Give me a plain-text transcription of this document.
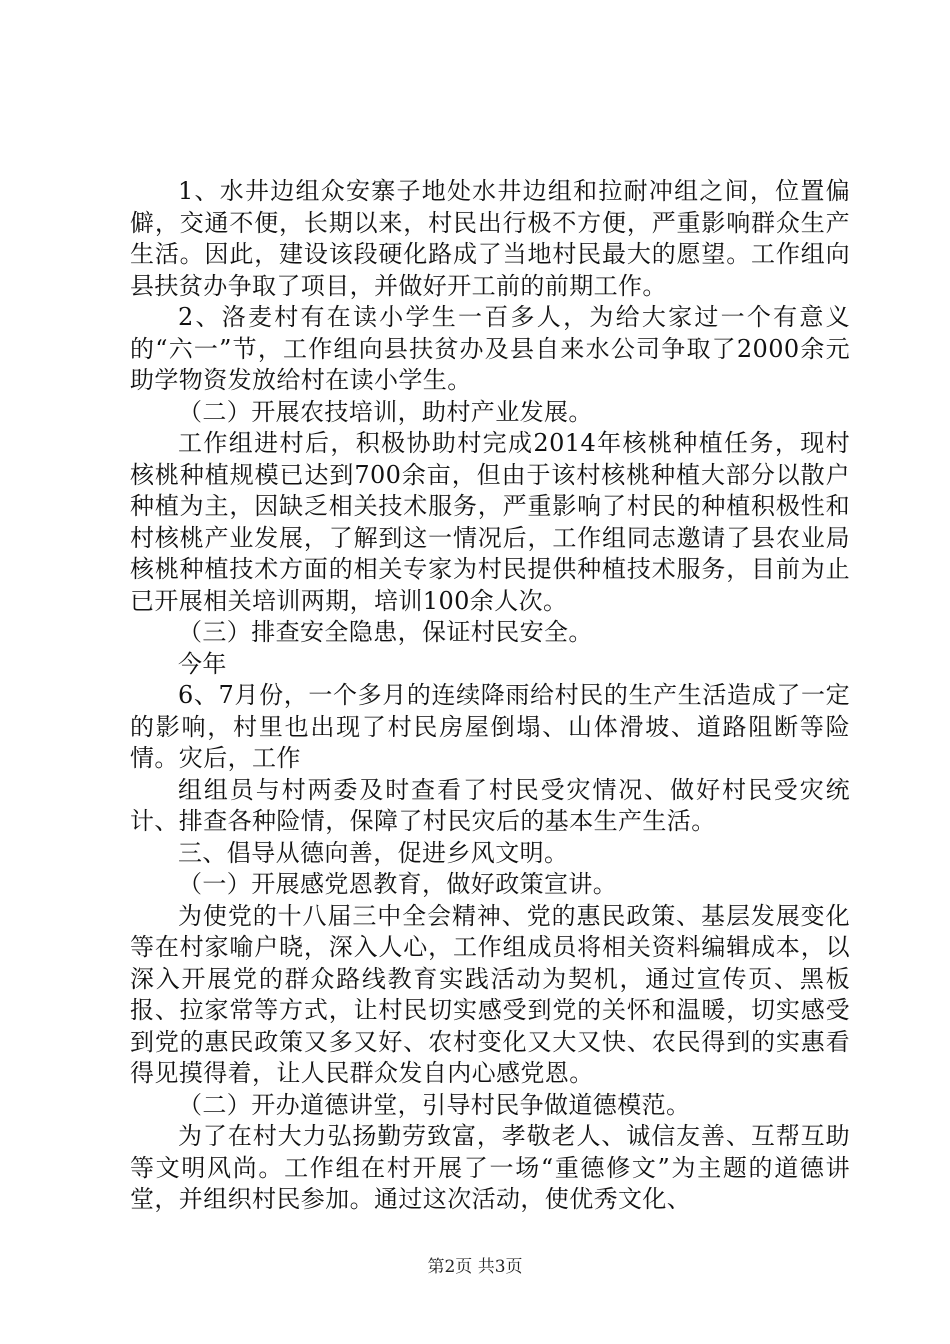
1、水井边组众安寨子地处水井边组和拉耐冲组之间，位置偏僻，交通不便，长期以来，村民出行极不方便，严重影响群众生产生活。因此，建设该段硬化路成了当地村民最大的愿望。工作组向县扶贫办争取了项目，并做好开工前的前期工作。

2、洛麦村有在读小学生一百多人，为给大家过一个有意义的“六一”节，工作组向县扶贫办及县自来水公司争取了2000余元助学物资发放给村在读小学生。

（二）开展农技培训，助村产业发展。

工作组进村后，积极协助村完成2014年核桃种植任务，现村核桃种植规模已达到700余亩，但由于该村核桃种植大部分以散户种植为主，因缺乏相关技术服务，严重影响了村民的种植积极性和村核桃产业发展，了解到这一情况后，工作组同志邀请了县农业局核桃种植技术方面的相关专家为村民提供种植技术服务，目前为止已开展相关培训两期，培训100余人次。

（三）排查安全隐患，保证村民安全。

今年

6、7月份，一个多月的连续降雨给村民的生产生活造成了一定的影响，村里也出现了村民房屋倒塌、山体滑坡、道路阻断等险情。灾后，工作

组组员与村两委及时查看了村民受灾情况、做好村民受灾统计、排查各种险情，保障了村民灾后的基本生产生活。

三、倡导从德向善，促进乡风文明。

（一）开展感党恩教育，做好政策宣讲。

为使党的十八届三中全会精神、党的惠民政策、基层发展变化等在村家喻户晓，深入人心，工作组成员将相关资料编辑成本，以深入开展党的群众路线教育实践活动为契机，通过宣传页、黑板报、拉家常等方式，让村民切实感受到党的关怀和温暖，切实感受到党的惠民政策又多又好、农村变化又大又快、农民得到的实惠看得见摸得着，让人民群众发自内心感党恩。

（二）开办道德讲堂，引导村民争做道德模范。

为了在村大力弘扬勤劳致富，孝敬老人、诚信友善、互帮互助等文明风尚。工作组在村开展了一场“重德修文”为主题的道德讲堂，并组织村民参加。通过这次活动，使优秀文化、

第2页 共3页
